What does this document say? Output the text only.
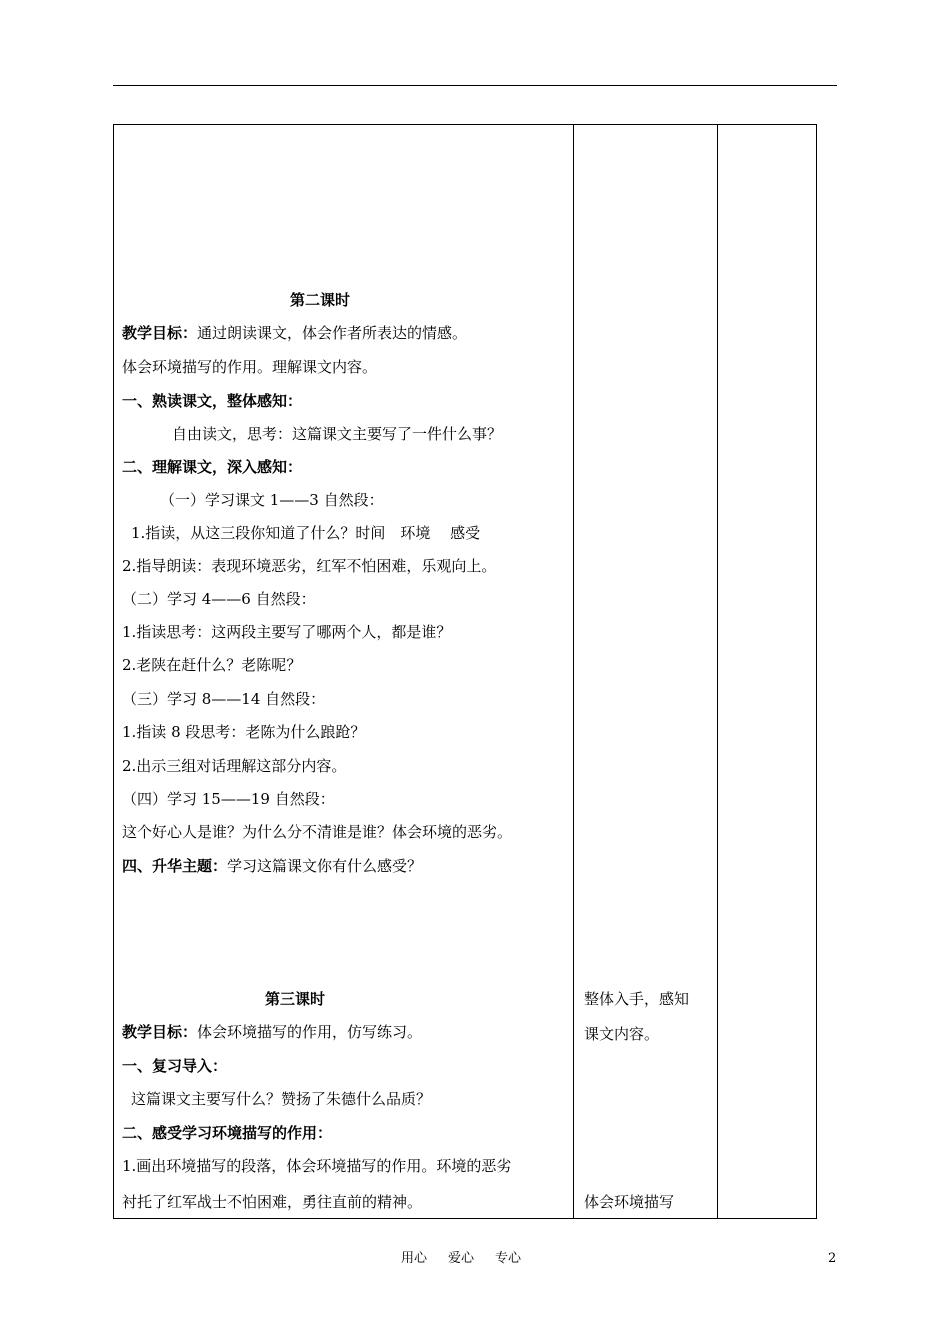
第二课时
教学目标：通过朗读课文，体会作者所表达的情感。
体会环境描写的作用。理解课文内容。
一、熟读课文，整体感知：
自由读文，思考：这篇课文主要写了一件什么事？
二、理解课文，深入感知：
（一）学习课文 1——3 自然段：
1.指读，从这三段你知道了什么？时间　环境　 感受
2.指导朗读：表现环境恶劣，红军不怕困难，乐观向上。
（二）学习 4——6 自然段：
1.指读思考：这两段主要写了哪两个人，都是谁？
2.老陕在赶什么？老陈呢？
（三）学习 8——14 自然段：
1.指读 8 段思考：老陈为什么踉跄？
2.出示三组对话理解这部分内容。
（四）学习 15——19 自然段：
这个好心人是谁？为什么分不清谁是谁？体会环境的恶劣。
四、升华主题：学习这篇课文你有什么感受？
第三课时
教学目标：体会环境描写的作用，仿写练习。
一、复习导入：
这篇课文主要写什么？赞扬了朱德什么品质？
二、感受学习环境描写的作用：
1.画出环境描写的段落，体会环境描写的作用。环境的恶劣
衬托了红军战士不怕困难，勇往直前的精神。
整体入手，感知
课文内容。
体会环境描写
用心 爱心 专心	2
